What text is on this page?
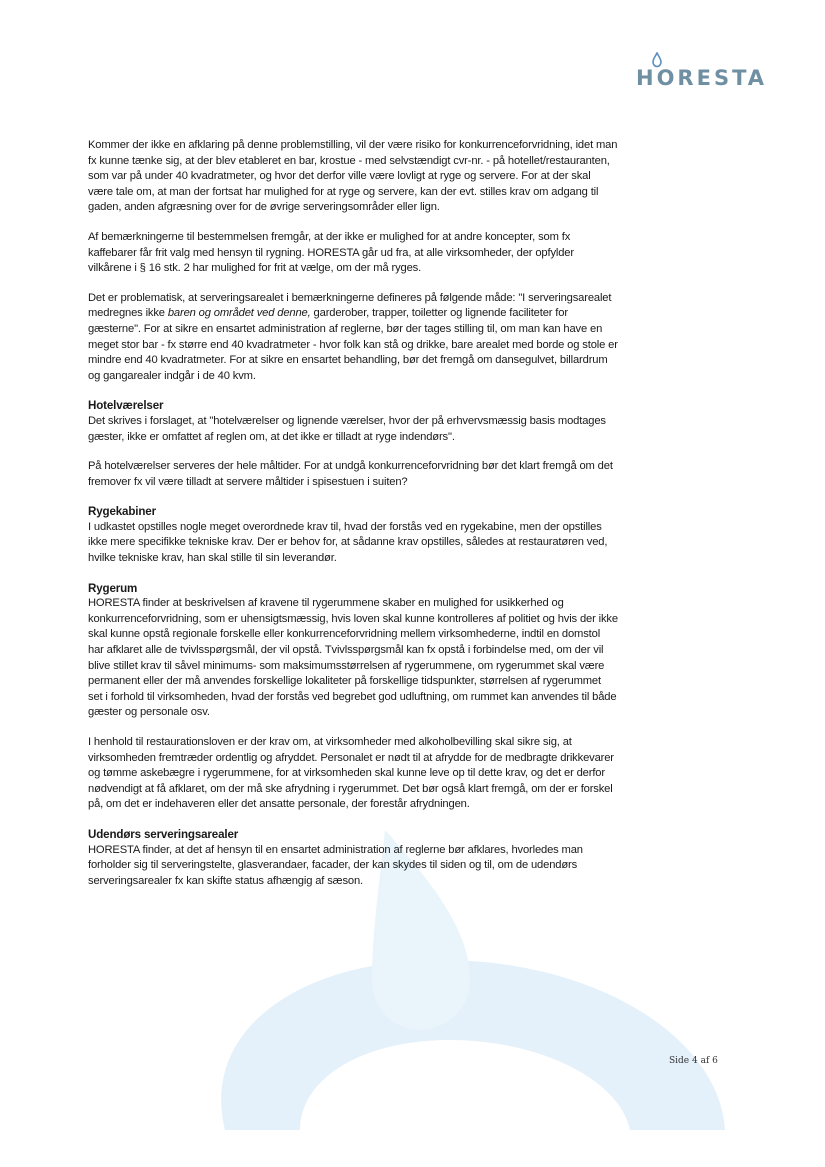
HORESTA

Kommer der ikke en afklaring på denne problemstilling, vil der være risiko for konkurrenceforvridning, idet man fx kunne tænke sig, at der blev etableret en bar, krostue - med selvstændigt cvr-nr. - på hotellet/restauranten, som var på under 40 kvadratmeter, og hvor det derfor ville være lovligt at ryge og servere. For at der skal være tale om, at man der fortsat har mulighed for at ryge og servere, kan der evt. stilles krav om adgang til gaden, anden afgræsning over for de øvrige serveringsområder eller lign.

Af bemærkningerne til bestemmelsen fremgår, at der ikke er mulighed for at andre koncepter, som fx kaffebarer får frit valg med hensyn til rygning. HORESTA går ud fra, at alle virksomheder, der opfylder vilkårene i § 16 stk. 2 har mulighed for frit at vælge, om der må ryges.

Det er problematisk, at serveringsarealet i bemærkningerne defineres på følgende måde: "I serveringsarealet medregnes ikke baren og området ved denne, garderober, trapper, toiletter og lignende faciliteter for gæsterne". For at sikre en ensartet administration af reglerne, bør der tages stilling til, om man kan have en meget stor bar - fx større end 40 kvadratmeter - hvor folk kan stå og drikke, bare arealet med borde og stole er mindre end 40 kvadratmeter. For at sikre en ensartet behandling, bør det fremgå om dansegulvet, billardrum og gangarealer indgår i de 40 kvm.

Hotelværelser

Det skrives i forslaget, at "hotelværelser og lignende værelser, hvor der på erhvervsmæssig basis modtages gæster, ikke er omfattet af reglen om, at det ikke er tilladt at ryge indendørs".

På hotelværelser serveres der hele måltider. For at undgå konkurrenceforvridning bør det klart fremgå om det fremover fx vil være tilladt at servere måltider i spisestuen i suiten?

Rygekabiner

I udkastet opstilles nogle meget overordnede krav til, hvad der forstås ved en rygekabine, men der opstilles ikke mere specifikke tekniske krav. Der er behov for, at sådanne krav opstilles, således at restauratøren ved, hvilke tekniske krav, han skal stille til sin leverandør.

Rygerum

HORESTA finder at beskrivelsen af kravene til rygerummene skaber en mulighed for usikkerhed og konkurrenceforvridning, som er uhensigtsmæssig, hvis loven skal kunne kontrolleres af politiet og hvis der ikke skal kunne opstå regionale forskelle eller konkurrenceforvridning mellem virksomhederne, indtil en domstol har afklaret alle de tvivlsspørgsmål, der vil opstå. Tvivlsspørgsmål kan fx opstå i forbindelse med, om der vil blive stillet krav til såvel minimums- som maksimumsstørrelsen af rygerummene, om rygerummet skal være permanent eller der må anvendes forskellige lokaliteter på forskellige tidspunkter, størrelsen af rygerummet set i forhold til virksomheden, hvad der forstås ved begrebet god udluftning, om rummet kan anvendes til både gæster og personale osv.

I henhold til restaurationsloven er der krav om, at virksomheder med alkoholbevilling skal sikre sig, at virksomheden fremtræder ordentlig og afryddet. Personalet er nødt til at afrydde for de medbragte drikkevarer og tømme askebægre i rygerummene, for at virksomheden skal kunne leve op til dette krav, og det er derfor nødvendigt at få afklaret, om der må ske afrydning i rygerummet. Det bør også klart fremgå, om der er forskel på, om det er indehaveren eller det ansatte personale, der forestår afrydningen.

Udendørs serveringsarealer

HORESTA finder, at det af hensyn til en ensartet administration af reglerne bør afklares, hvorledes man forholder sig til serveringstelte, glasverandaer, facader, der kan skydes til siden og til, om de udendørs serveringsarealer fx kan skifte status afhængig af sæson.

Side 4 af 6
